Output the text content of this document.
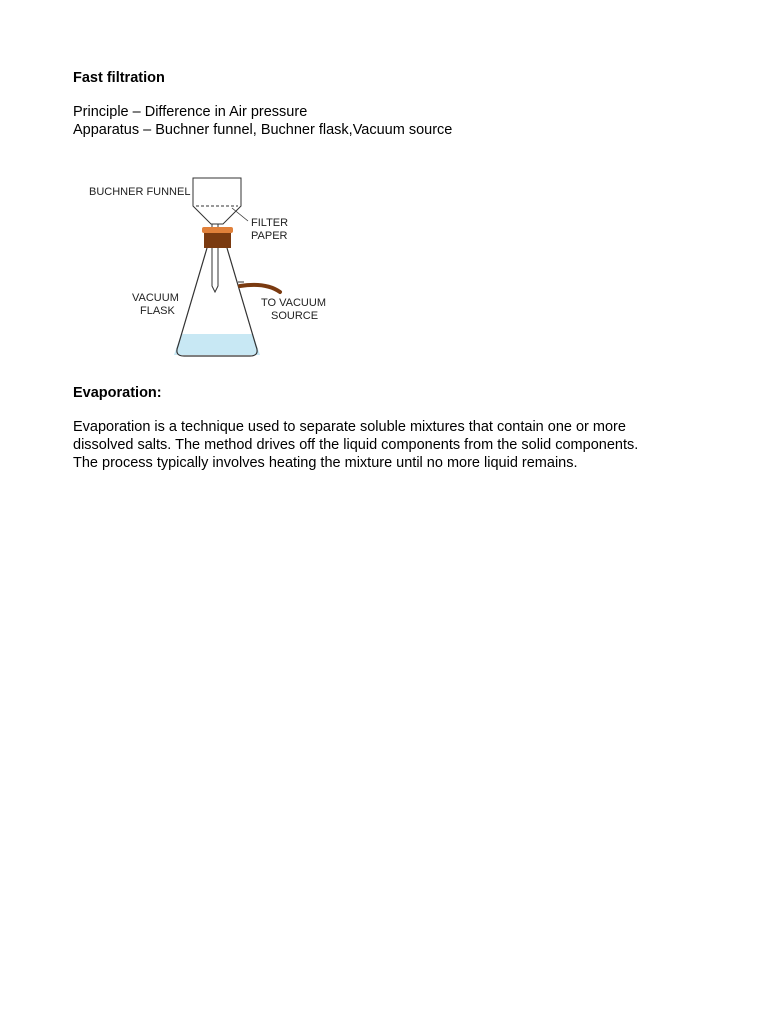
Fast filtration

Principle – Difference in Air pressure

Apparatus – Buchner funnel, Buchner flask,Vacuum source

BUCHNER FUNNEL
FILTER
PAPER
VACUUM
FLASK
TO VACUUM
SOURCE

Evaporation:

Evaporation is a technique used to separate soluble mixtures that contain one or more

dissolved salts. The method drives off the liquid components from the solid components.

The process typically involves heating the mixture until no more liquid remains.
